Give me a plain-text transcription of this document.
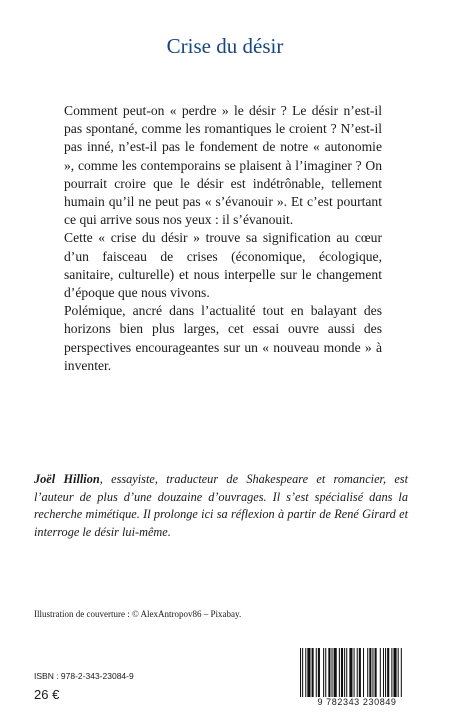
Crise du désir

Comment peut-on « perdre » le désir ? Le désir n’est-il pas spontané, comme les romantiques le croient ? N’est-il pas inné, n’est-il pas le fondement de notre « autonomie », comme les contemporains se plaisent à l’imaginer ? On pourrait croire que le désir est indétrônable, tellement humain qu’il ne peut pas « s’évanouir ». Et c’est pourtant ce qui arrive sous nos yeux : il s’évanouit.

Cette « crise du désir » trouve sa signification au cœur d’un faisceau de crises (économique, écologique, sanitaire, culturelle) et nous interpelle sur le changement d’époque que nous vivons.

Polémique, ancré dans l’actualité tout en balayant des horizons bien plus larges, cet essai ouvre aussi des perspectives encourageantes sur un « nouveau monde » à inventer.

Joël Hillion, essayiste, traducteur de Shakespeare et romancier, est l’auteur de plus d’une douzaine d’ouvrages. Il s’est spécialisé dans la recherche mimétique. Il prolonge ici sa réflexion à partir de René Girard et interroge le désir lui-même.
Illustration de couverture : © AlexAntropov86 – Pixabay.
ISBN : 978-2-343-23084-9
26 €	9 782343 230849
